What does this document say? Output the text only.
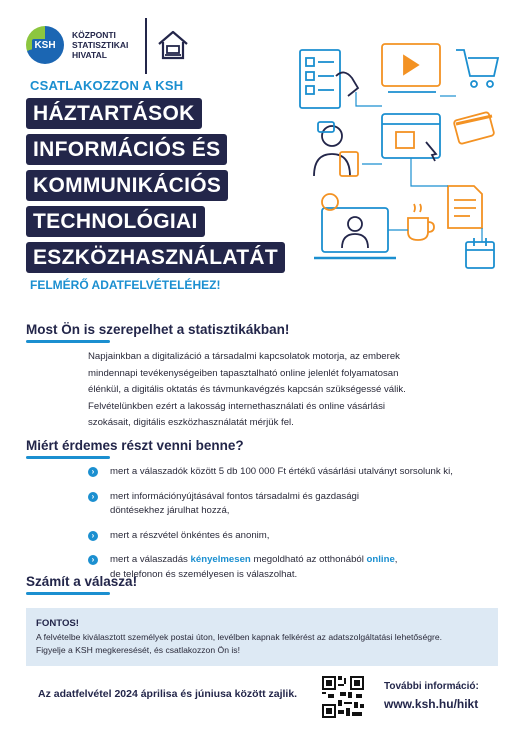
KSH
KÖZPONTI
STATISZTIKAI
HIVATAL
CSATLAKOZZON A KSH
HÁZTARTÁSOK
INFORMÁCIÓS ÉS
KOMMUNIKÁCIÓS
TECHNOLÓGIAI
ESZKÖZHASZNÁLATÁT
FELMÉRŐ ADATFELVÉTELÉHEZ!
Most Ön is szerepelhet a statisztikákban!
Napjainkban a digitalizáció a társadalmi kapcsolatok motorja, az emberek
mindennapi tevékenységeiben tapasztalható online jelenlét folyamatosan
élénkül, a digitális oktatás és távmunkavégzés kapcsán szükségessé válik.
Felvételünkben ezért a lakosság internethasználati és online vásárlási
szokásait, digitális eszközhasználatát mérjük fel.
Miért érdemes részt venni benne?
›	mert a válaszadók között 5 db 100 000 Ft értékű vásárlási utalványt sorsolunk ki,
›	mert információnyújtásával fontos társadalmi és gazdasági
döntésekhez járulhat hozzá,
›	mert a részvétel önkéntes és anonim,
›	mert a válaszadás kényelmesen megoldható az otthonából online,
de telefonon és személyesen is válaszolhat.
Számít a válasza!
FONTOS!
A felvételbe kiválasztott személyek postai úton, levélben kapnak felkérést az adatszolgáltatási lehetőségre.
Figyelje a KSH megkeresését, és csatlakozzon Ön is!
Az adatfelvétel 2024 áprilisa és júniusa között zajlik.
További információ:
www.ksh.hu/hikt
